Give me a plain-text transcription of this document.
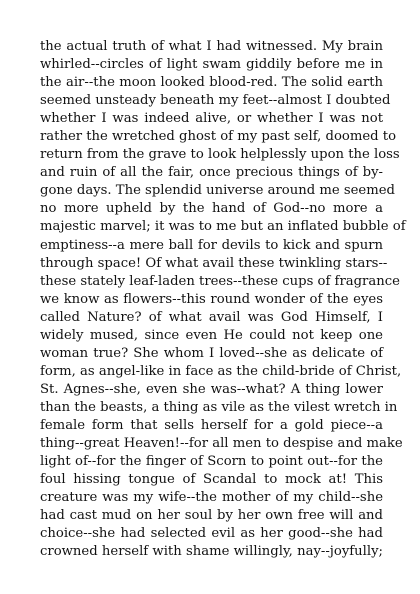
the actual truth of what I had witnessed. My brain
whirled--circles of light swam giddily before me in
the air--the moon looked blood-red. The solid earth
seemed unsteady beneath my feet--almost I doubted
whether I was indeed alive, or whether I was not
rather the wretched ghost of my past self, doomed to
return from the grave to look helplessly upon the loss
and ruin of all the fair, once precious things of by-
gone days. The splendid universe around me seemed
no more upheld by the hand of God--no more a
majestic marvel; it was to me but an inflated bubble of
emptiness--a mere ball for devils to kick and spurn
through space! Of what avail these twinkling stars--
these stately leaf-laden trees--these cups of fragrance
we know as flowers--this round wonder of the eyes
called Nature? of what avail was God Himself, I
widely mused, since even He could not keep one
woman true? She whom I loved--she as delicate of
form, as angel-like in face as the child-bride of Christ,
St. Agnes--she, even she was--what? A thing lower
than the beasts, a thing as vile as the vilest wretch in
female form that sells herself for a gold piece--a
thing--great Heaven!--for all men to despise and make
light of--for the finger of Scorn to point out--for the
foul hissing tongue of Scandal to mock at! This
creature was my wife--the mother of my child--she
had cast mud on her soul by her own free will and
choice--she had selected evil as her good--she had
crowned herself with shame willingly, nay--joyfully;
